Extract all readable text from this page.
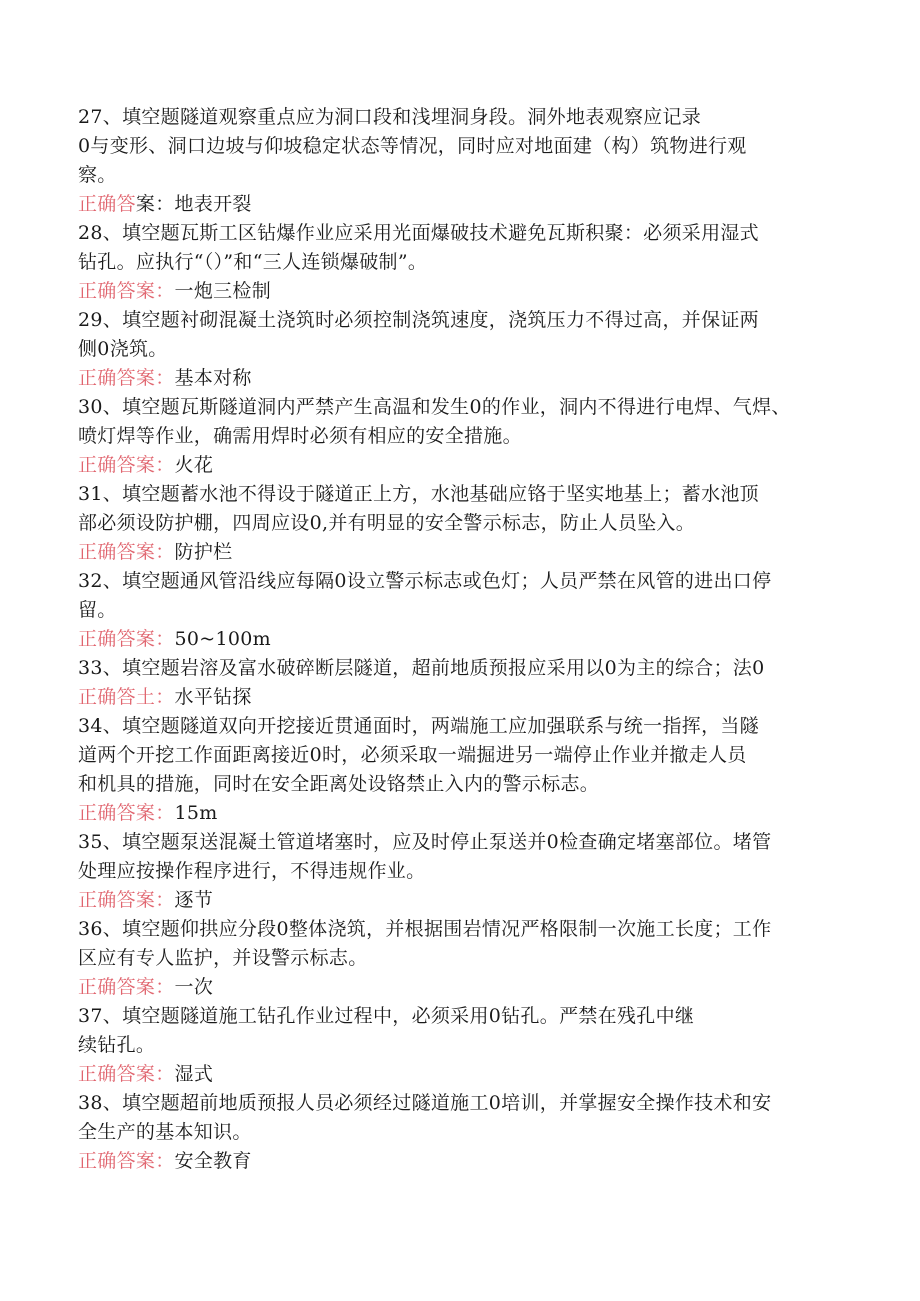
27、填空题隧道观察重点应为洞口段和浅埋洞身段。洞外地表观察应记录
0与变形、洞口边坡与仰坡稳定状态等情况，同时应对地面建（构）筑物进行观
察。
正确答案：地表开裂
28、填空题瓦斯工区钻爆作业应采用光面爆破技术避免瓦斯积聚：必须采用湿式
钻孔。应执行“（）”和“三人连锁爆破制”。
正确答案：一炮三检制
29、填空题衬砌混凝土浇筑时必须控制浇筑速度，浇筑压力不得过高，并保证两
侧0浇筑。
正确答案：基本对称
30、填空题瓦斯隧道洞内严禁产生高温和发生0的作业，洞内不得进行电焊、气焊、
喷灯焊等作业，确需用焊时必须有相应的安全措施。
正确答案：火花
31、填空题蓄水池不得设于隧道正上方，水池基础应铬于坚实地基上；蓄水池顶
部必须设防护棚，四周应设0,并有明显的安全警示标志，防止人员坠入。
正确答案：防护栏
32、填空题通风管沿线应每隔0设立警示标志或色灯；人员严禁在风管的进出口停
留。
正确答案：50~100m
33、填空题岩溶及富水破碎断层隧道，超前地质预报应采用以0为主的综合；法0
正确答土：水平钻探
34、填空题隧道双向开挖接近贯通面时，两端施工应加强联系与统一指挥，当隧
道两个开挖工作面距离接近0时，必须采取一端掘进另一端停止作业并撤走人员
和机具的措施，同时在安全距离处设铬禁止入内的警示标志。
正确答案：15m
35、填空题泵送混凝土管道堵塞时，应及时停止泵送并0检查确定堵塞部位。堵管
处理应按操作程序进行，不得违规作业。
正确答案：逐节
36、填空题仰拱应分段0整体浇筑，并根据围岩情况严格限制一次施工长度；工作
区应有专人监护，并设警示标志。
正确答案：一次
37、填空题隧道施工钻孔作业过程中，必须采用0钻孔。严禁在残孔中继
续钻孔。
正确答案：湿式
38、填空题超前地质预报人员必须经过隧道施工0培训，并掌握安全操作技术和安
全生产的基本知识。
正确答案：安全教育
